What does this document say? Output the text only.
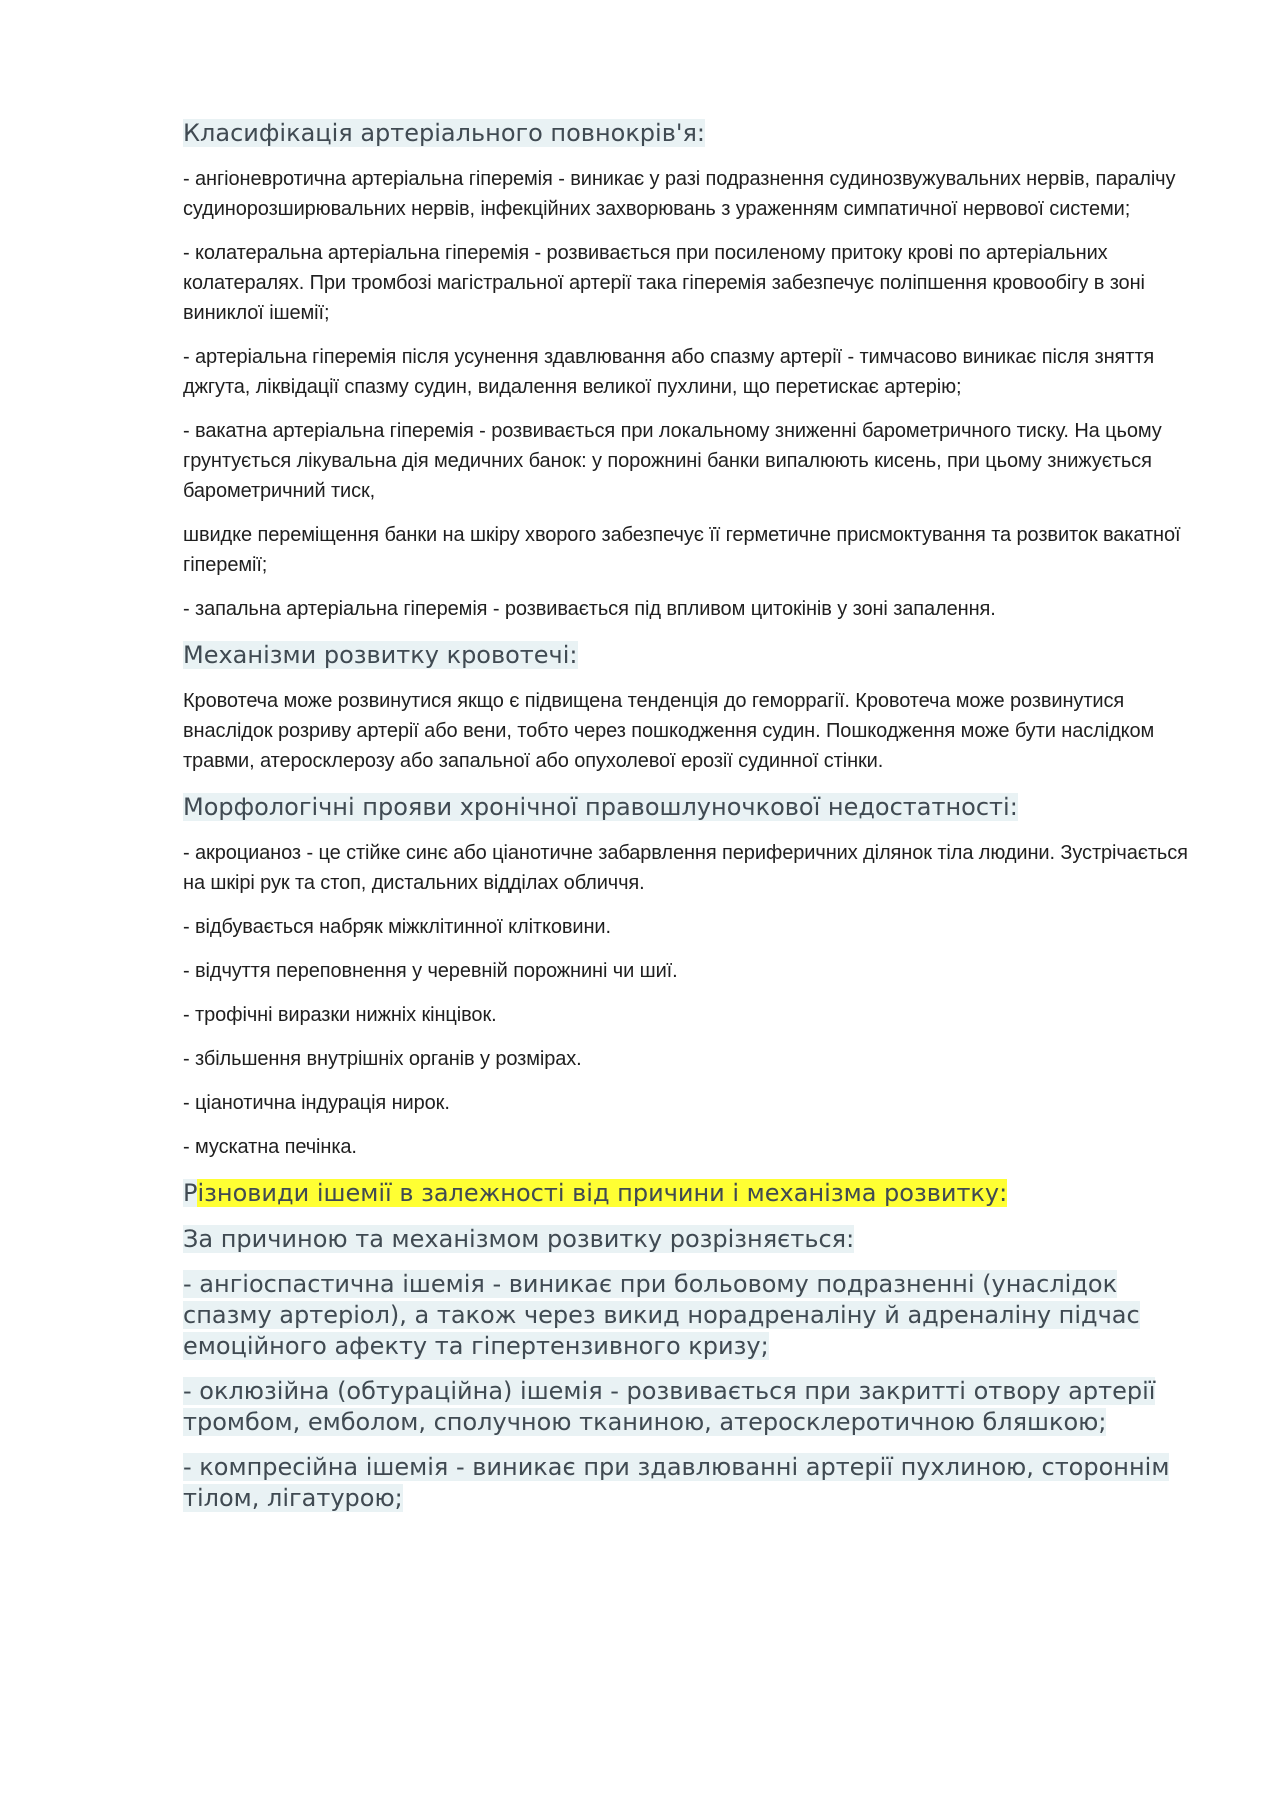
Класифікація артеріального повнокрів'я:

- ангіоневротична артеріальна гіперемія - виникає у разі подразнення судинозвужувальних нервів, паралічу судинорозширювальних нервів, інфекційних захворювань з ураженням симпатичної нервової системи;

- колатеральна артеріальна гіперемія - розвивається при посиленому притоку крові по артеріальних колатералях. При тромбозі магістральної артерії така гіперемія забезпечує поліпшення кровообігу в зоні виниклої ішемії;

- артеріальна гіперемія після усунення здавлювання або спазму артерії - тимчасово виникає після зняття джгута, ліквідації спазму судин, видалення великої пухлини, що перетискає артерію;

- вакатна артеріальна гіперемія - розвивається при локальному зниженні барометричного тиску. На цьому грунтується лікувальна дія медичних банок: у порожнині банки випалюють кисень, при цьому знижується барометричний тиск,

швидке переміщення банки на шкіру хворого забезпечує її герметичне присмоктування та розвиток вакатної гіперемії;

- запальна артеріальна гіперемія - розвивається під впливом цитокінів у зоні запалення.

Механізми розвитку кровотечі:

Кровотеча може розвинутися якщо є підвищена тенденція до геморрагії. Кровотеча може розвинутися внаслідок розриву артерії або вени, тобто через пошкодження судин. Пошкодження може бути наслідком травми, атеросклерозу або запальної або опухолевої ерозії судинної стінки.

Морфологічні прояви хронічної правошлуночкової недостатності:

- акроцианоз - це стійке синє або ціанотичне забарвлення периферичних ділянок тіла людини. Зустрічається на шкірі рук та стоп, дистальних відділах обличчя.

- відбувається набряк міжклітинної клітковини.

- відчуття переповнення у черевній порожнині чи шиї.

- трофічні виразки нижніх кінцівок.

- збільшення внутрішніх органів у розмірах.

- ціанотична індурація нирок.

- мускатна печінка.

Різновиди ішемії в залежності від причини і механізма розвитку:

За причиною та механізмом розвитку розрізняється:

- ангіоспастична ішемія - виникає при больовому подразненні (унаслідок спазму артеріол), а також через викид норадреналіну й адреналіну підчас емоційного афекту та гіпертензивного кризу;

- оклюзійна (обтураційна) ішемія - розвивається при закритті отвору артерії тромбом, емболом, сполучною тканиною, атеросклеротичною бляшкою;

- компресійна ішемія - виникає при здавлюванні артерії пухлиною, стороннім тілом, лігатурою;
